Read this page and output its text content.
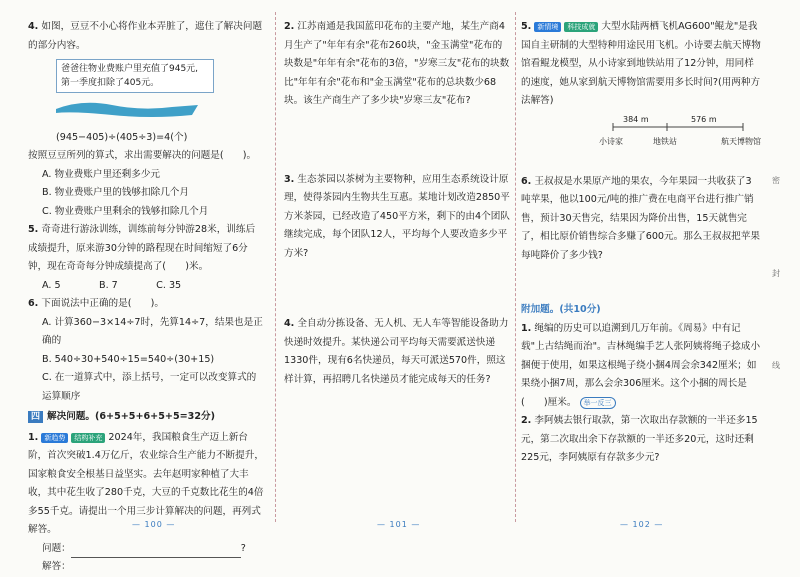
4. 如图，豆豆不小心将作业本弄脏了，遮住了解决问题的部分内容。

爸爸往物业费账户里充值了945元,
第一季度扣除了405元。

(945−405)÷(405÷3)=4(个)

按照豆豆所列的算式，求出需要解决的问题是(　　)。

A. 物业费账户里还剩多少元

B. 物业费账户里的钱够扣除几个月

C. 物业费账户里剩余的钱够扣除几个月

5. 奇奇进行游泳训练，训练前每分钟游28米，训练后成绩提升，原来游30分钟的路程现在时间缩短了6分钟，现在奇奇每分钟成绩提高了(　　)米。

A. 5　　　　	B. 7　　　　	C. 35

6. 下面说法中正确的是(　　)。

A. 计算360−3×14÷7时，先算14÷7，结果也是正确的

B. 540÷30+540÷15=540÷(30+15)

C. 在一道算式中，添上括号，一定可以改变算式的运算顺序

四 解决问题。(6+5+5+6+5+5=32分)

1. 新趋势 结构补充 2024年，我国粮食生产迈上新台阶，首次突破1.4万亿斤，农业综合生产能力不断提升，国家粮食安全根基日益坚实。去年赵明家种植了大丰收，其中花生收了280千克，大豆的千克数比花生的4倍多55千克。请提出一个用三步计算解决的问题，再列式解答。

问题：	?

解答：

2. 江苏南通是我国蓝印花布的主要产地，某生产商4月生产了"年年有余"花布260块，"金玉满堂"花布的块数是"年年有余"花布的3倍，"岁寒三友"花布的块数比"年年有余"花布和"金玉满堂"花布的总块数少68块。该生产商生产了多少块"岁寒三友"花布?

3. 生态茶园以茶树为主要物种，应用生态系统设计原理，使得茶园内生物共生互惠。某地计划改造2850平方米茶园，已经改造了450平方米，剩下的由4个团队继续完成，每个团队12人，平均每个人要改造多少平方米?

4. 全自动分拣设备、无人机、无人车等智能设备助力快递时效提升。某快递公司平均每天需要派送快递1330件，现有6名快递员，每天可派送570件，照这样计算，再招聘几名快递员才能完成每天的任务?

5. 新情境 科技成就 大型水陆两栖飞机AG600"鲲龙"是我国自主研制的大型特种用途民用飞机。小诗要去航天博物馆看鲲龙模型，从小诗家到地铁站用了12分钟，用同样的速度，她从家到航天博物馆需要用多长时间?(用两种方法解答)

384 m	576 m
小诗家	地铁站	航天博物馆

6. 王叔叔是水果原产地的果农，今年果园一共收获了3吨苹果，他以100元/吨的推广费在电商平台进行推广销售，预计30天售完，结果因为降价出售，15天就售完了，相比原价销售综合多赚了600元。那么王叔叔把苹果每吨降价了多少钱?

附加题。(共10分)

1. 绳编的历史可以追溯到几万年前。《周易》中有记载"上古结绳而治"。吉林绳编手艺人张阿姨将绳子捻成小捆便于使用，如果这根绳子绕小捆4周会余342厘米；如果绕小捆7周，那么会余306厘米。这个小捆的周长是(　　)厘米。 举一反三

2. 李阿姨去银行取款，第一次取出存款额的一半还多15元，第二次取出余下存款额的一半还多20元，这时还剩225元，李阿姨原有存款多少元?

密
封
线
— 100 —	— 101 —	— 102 —
